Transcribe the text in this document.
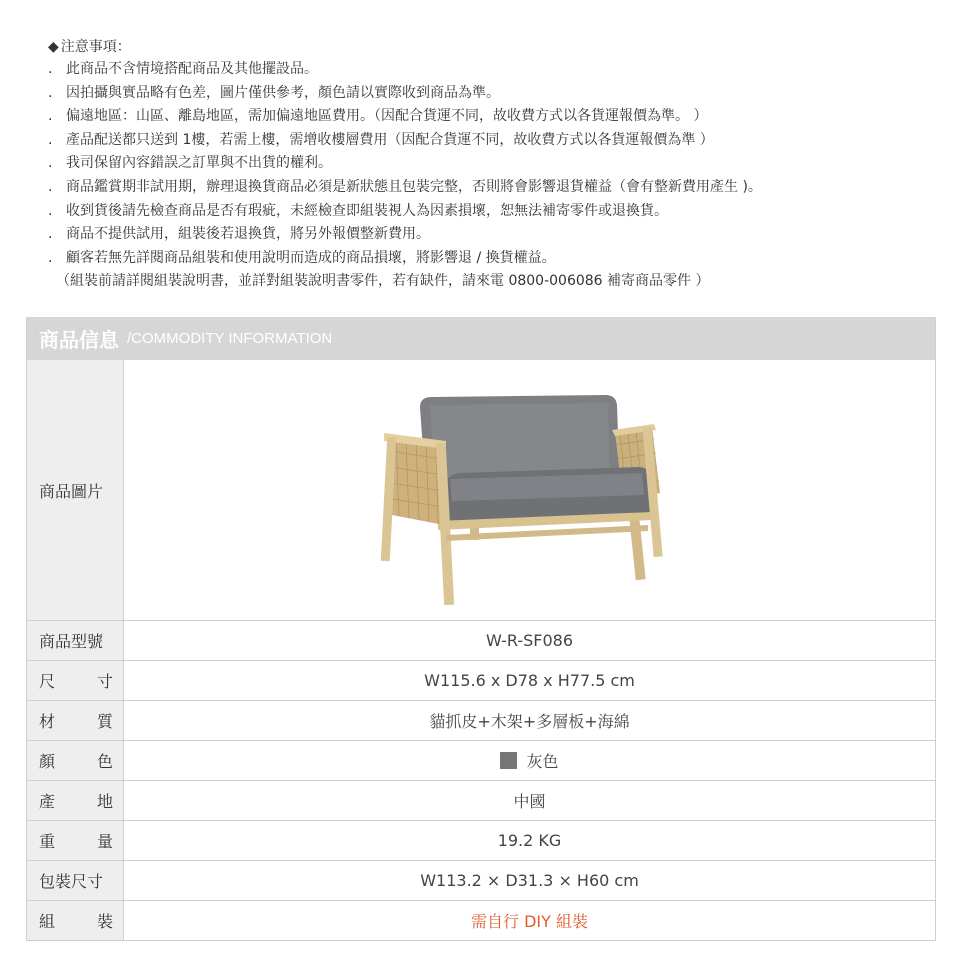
◆ 注意事項：
. 此商品不含情境搭配商品及其他擺設品。
. 因拍攝與實品略有色差，圖片僅供參考，顏色請以實際收到商品為準。
. 偏遠地區：山區、離島地區，需加偏遠地區費用。（因配合貨運不同，故收費方式以各貨運報價為準。 ）
. 產品配送都只送到 1樓，若需上樓，需增收樓層費用（因配合貨運不同，故收費方式以各貨運報價為準 ）
. 我司保留內容錯誤之訂單與不出貨的權利。
. 商品鑑賞期非試用期，辦理退換貨商品必須是新狀態且包裝完整，否則將會影響退貨權益（會有整新費用產生 )。
. 收到貨後請先檢查商品是否有瑕疵，未經檢查即組裝視人為因素損壞，恕無法補寄零件或退換貨。
. 商品不提供試用，組裝後若退換貨，將另外報價整新費用。
. 顧客若無先詳閱商品組裝和使用說明而造成的商品損壞，將影響退 / 換貨權益。
（組裝前請詳閱組裝說明書，並詳對組裝說明書零件，若有缺件，請來電 0800-006086 補寄商品零件 ）
商品信息 /COMMODITY INFORMATION
商品圖片
商品型號	W-R-SF086
尺	寸	W115.6 x D78 x H77.5 cm
材	質	貓抓皮+木架+多層板+海綿
顏	色	灰色
產	地	中國
重	量	19.2 KG
包裝尺寸	W113.2 × D31.3 × H60 cm
組	裝	需自行 DIY 組裝
